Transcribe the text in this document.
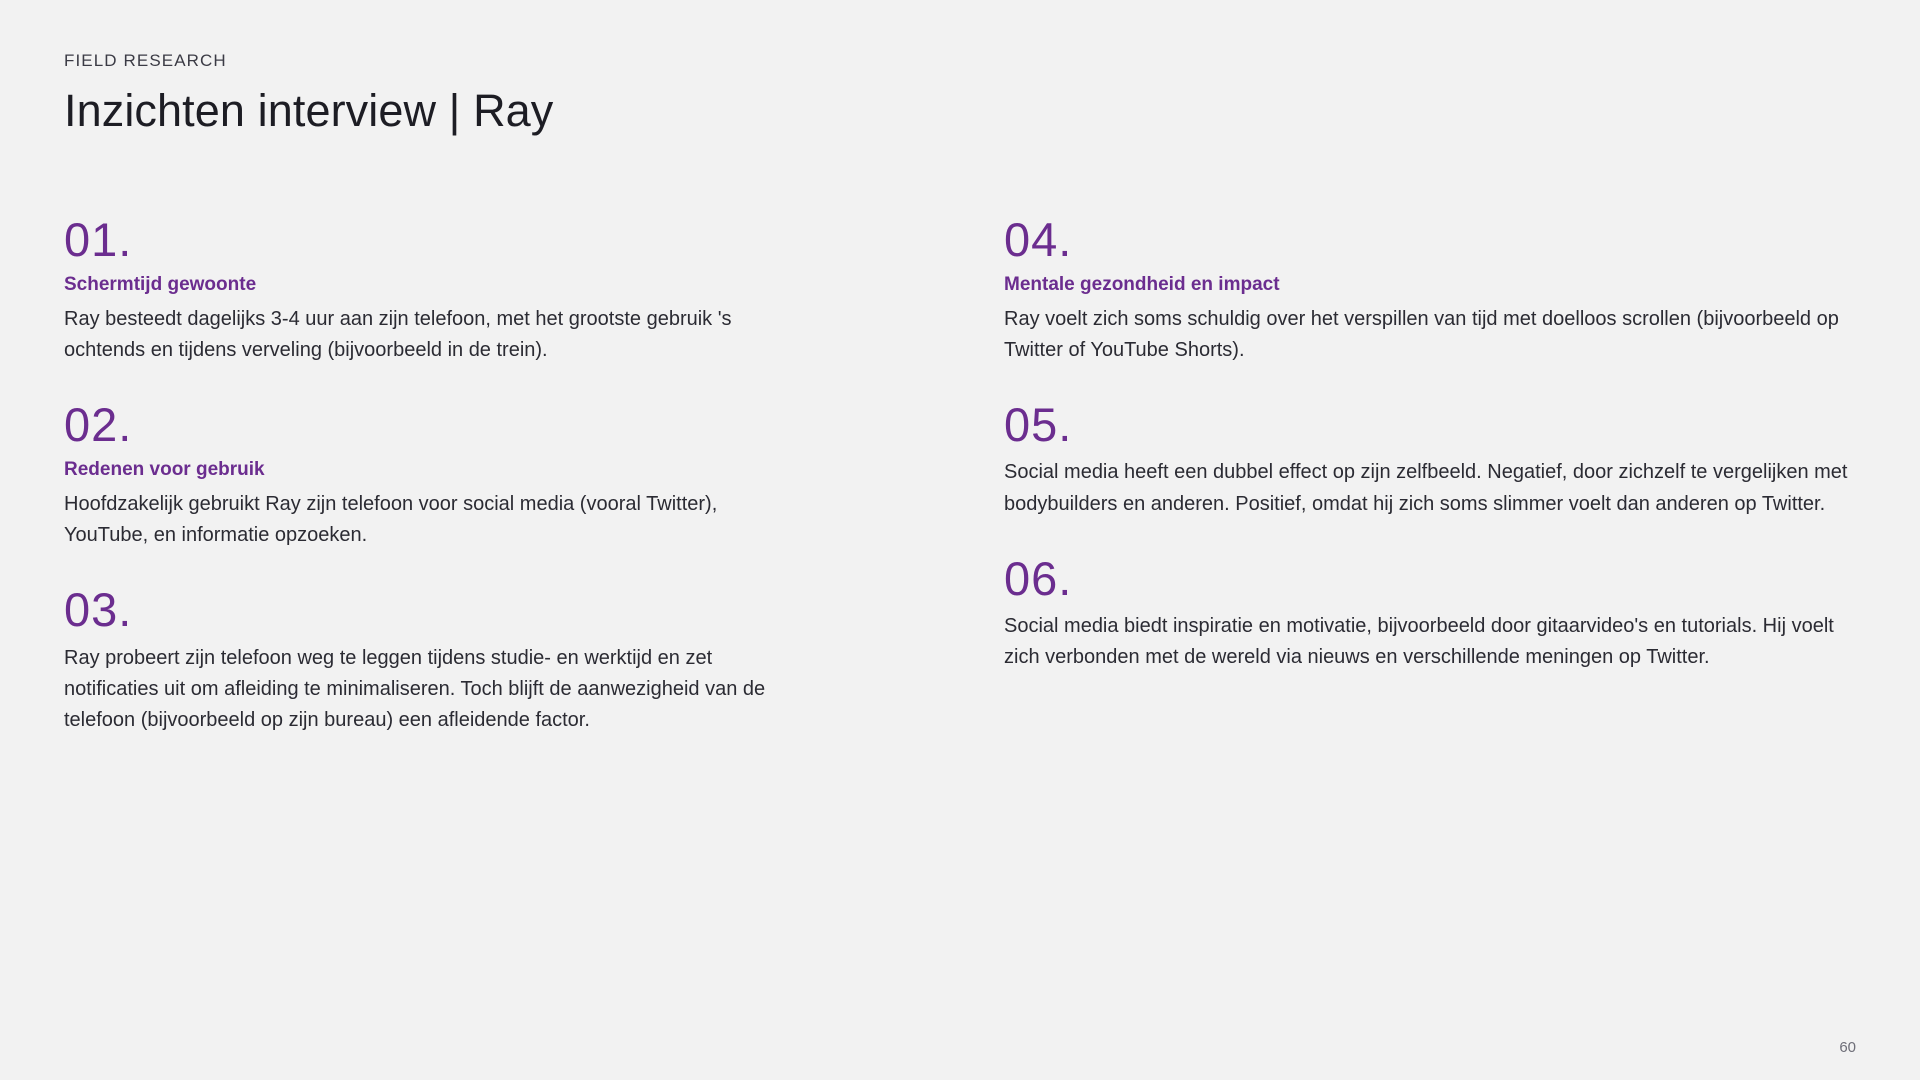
FIELD RESEARCH
Inzichten interview | Ray
01.
Schermtijd gewoonte
Ray besteedt dagelijks 3-4 uur aan zijn telefoon, met het grootste gebruik 's ochtends en tijdens verveling (bijvoorbeeld in de trein).
02.
Redenen voor gebruik
Hoofdzakelijk gebruikt Ray zijn telefoon voor social media (vooral Twitter), YouTube, en informatie opzoeken.
03.
Ray probeert zijn telefoon weg te leggen tijdens studie- en werktijd en zet notificaties uit om afleiding te minimaliseren. Toch blijft de aanwezigheid van de telefoon (bijvoorbeeld op zijn bureau) een afleidende factor.
04.
Mentale gezondheid en impact
Ray voelt zich soms schuldig over het verspillen van tijd met doelloos scrollen (bijvoorbeeld op Twitter of YouTube Shorts).
05.
Social media heeft een dubbel effect op zijn zelfbeeld. Negatief, door zichzelf te vergelijken met bodybuilders en anderen. Positief, omdat hij zich soms slimmer voelt dan anderen op Twitter.
06.
Social media biedt inspiratie en motivatie, bijvoorbeeld door gitaarvideo's en tutorials. Hij voelt zich verbonden met de wereld via nieuws en verschillende meningen op Twitter.
60
